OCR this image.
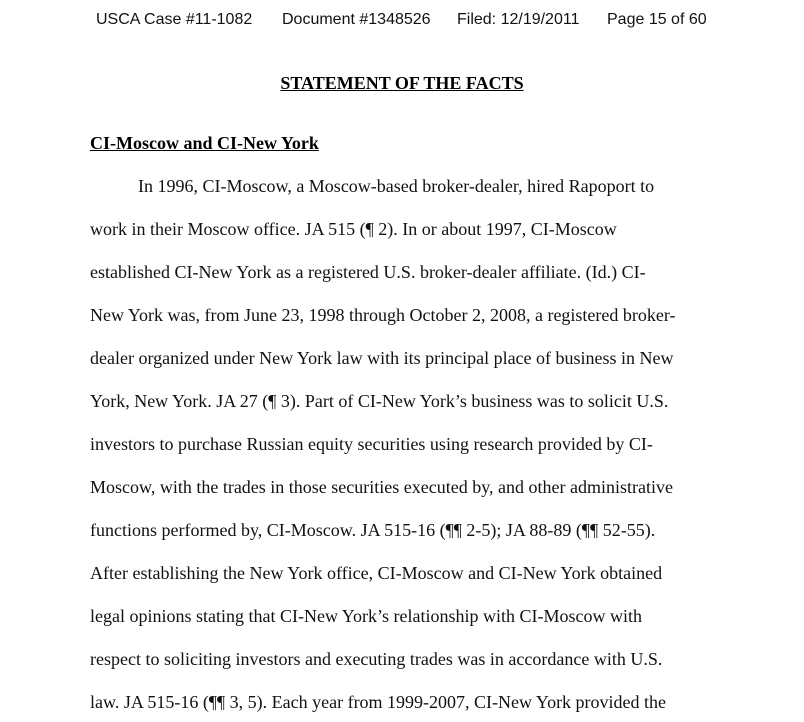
USCA Case #11-1082 Document #1348526 Filed: 12/19/2011 Page 15 of 60
STATEMENT OF THE FACTS
CI-Moscow and CI-New York
In 1996, CI-Moscow, a Moscow-based broker-dealer, hired Rapoport to
work in their Moscow office. JA 515 (¶ 2). In or about 1997, CI-Moscow
established CI-New York as a registered U.S. broker-dealer affiliate. (Id.) CI-
New York was, from June 23, 1998 through October 2, 2008, a registered broker-
dealer organized under New York law with its principal place of business in New
York, New York. JA 27 (¶ 3). Part of CI-New York’s business was to solicit U.S.
investors to purchase Russian equity securities using research provided by CI-
Moscow, with the trades in those securities executed by, and other administrative
functions performed by, CI-Moscow. JA 515-16 (¶¶ 2-5); JA 88-89 (¶¶ 52-55).
After establishing the New York office, CI-Moscow and CI-New York obtained
legal opinions stating that CI-New York’s relationship with CI-Moscow with
respect to soliciting investors and executing trades was in accordance with U.S.
law. JA 515-16 (¶¶ 3, 5). Each year from 1999-2007, CI-New York provided the
